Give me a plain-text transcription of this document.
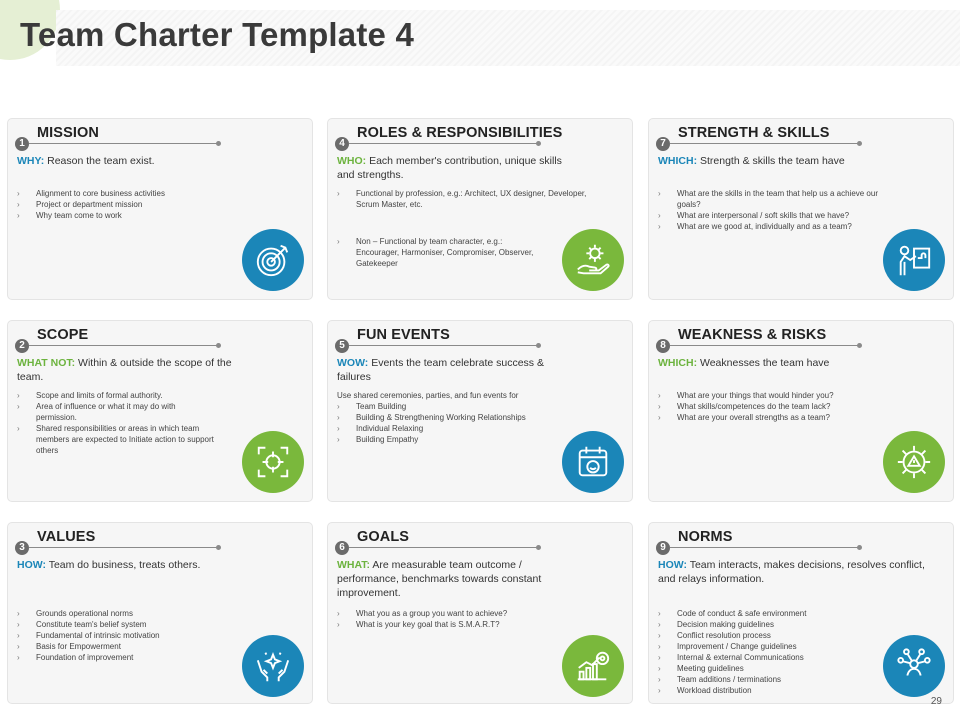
Team Charter Template 4
1
MISSION

WHY: Reason the team exist.

› Alignment to core business activities
› Project or department mission
› Why team come to work
4
ROLES & RESPONSIBILITIES

WHO: Each member's contribution, unique skills and strengths.

› Functional by profession, e.g.: Architect, UX designer, Developer, Scrum Master, etc.
› Non – Functional by team character, e.g.: Encourager, Harmoniser, Compromiser, Observer, Gatekeeper
7
STRENGTH & SKILLS

WHICH: Strength & skills the team have

› What are the skills in the team that help us a achieve our goals?
› What are interpersonal / soft skills that we have?
› What are we good at, individually and as a team?
2
SCOPE

WHAT NOT: Within & outside the scope of the team.

› Scope and limits of formal authority.
› Area of influence or what it may do with permission.
› Shared responsibilities or areas in which team members are expected to Initiate action to support others
5
FUN EVENTS

WOW: Events the team celebrate success & failures

Use shared ceremonies, parties, and fun events for

› Team Building
› Building & Strengthening Working Relationships
› Individual Relaxing
› Building Empathy
8
WEAKNESS & RISKS

WHICH: Weaknesses the team have

› What are your things that would hinder you?
› What skills/competences do the team lack?
› What are your overall strengths as a team?
3
VALUES

HOW: Team do business, treats others.

› Grounds operational norms
› Constitute team's belief system
› Fundamental of intrinsic motivation
› Basis for Empowerment
› Foundation of improvement
6
GOALS

WHAT: Are measurable team outcome / performance, benchmarks towards constant improvement.

› What you as a group you want to achieve?
› What is your key goal that is S.M.A.R.T?
9
NORMS

HOW: Team interacts, makes decisions, resolves conflict, and relays information.

› Code of conduct & safe environment
› Decision making guidelines
› Conflict resolution process
› Improvement / Change guidelines
› Internal & external Communications
› Meeting guidelines
› Team additions / terminations
› Workload distribution
29
